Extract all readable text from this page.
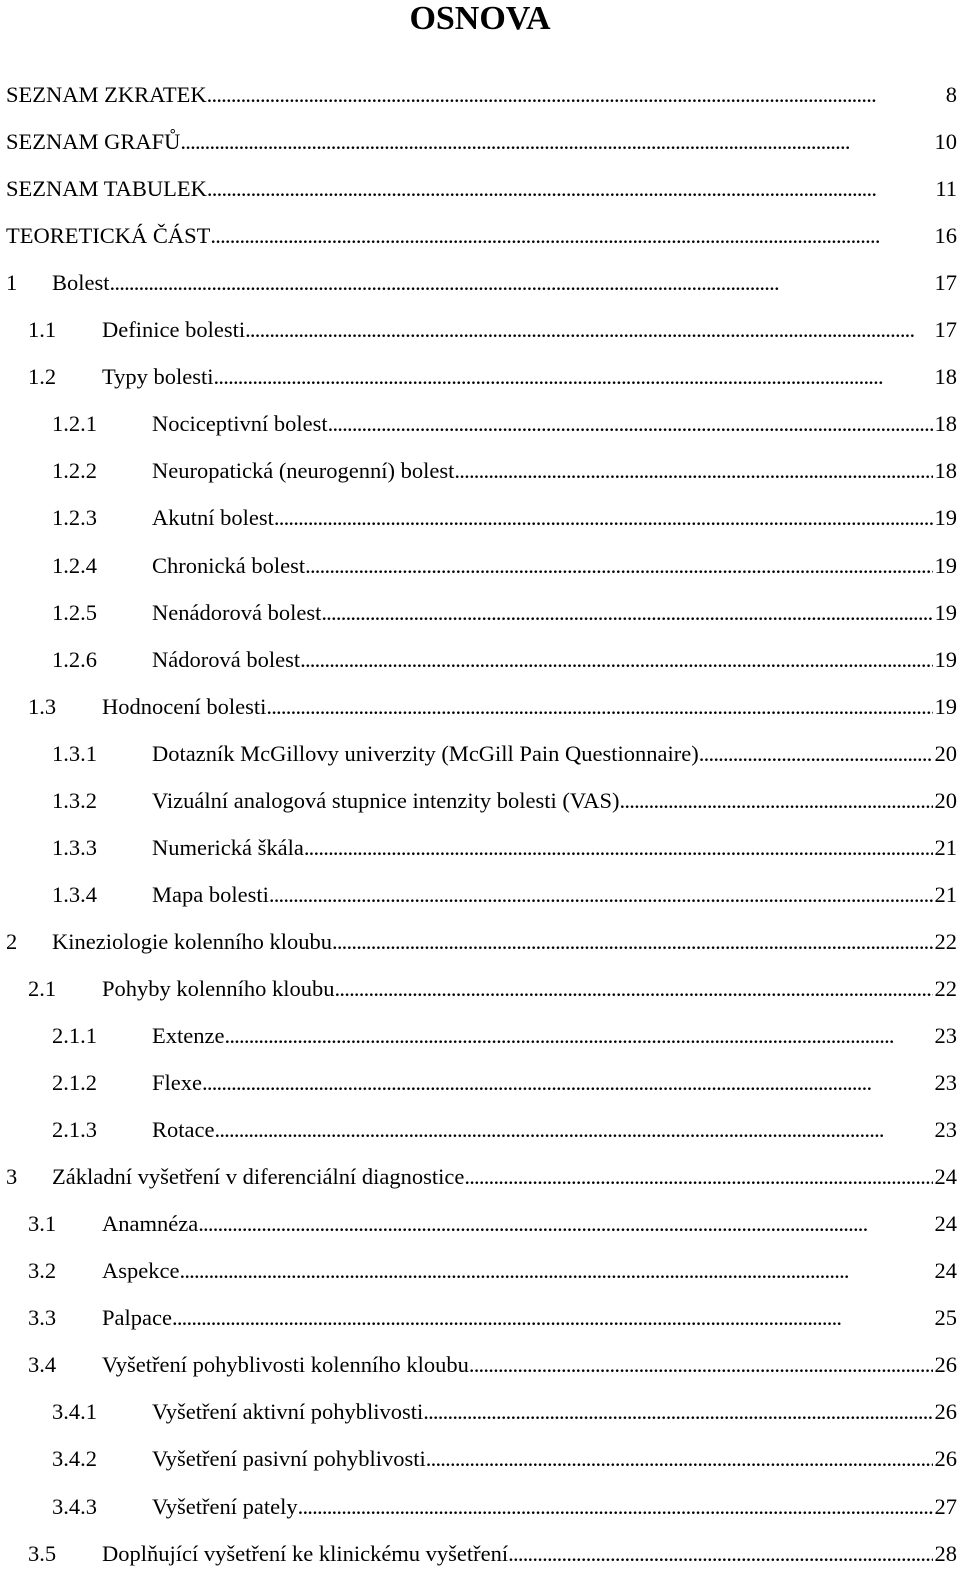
OSNOVA
SEZNAM ZKRATEK . . .	8
SEZNAM GRAFŮ . . .	10
SEZNAM TABULEK . . .	11
TEORETICKÁ ČÁST . . .	16
1	Bolest . . .	17
1.1	Definice bolesti . . .	17
1.2	Typy bolesti . . .	18
1.2.1	Nociceptivní bolest . . .	18
1.2.2	Neuropatická (neurogenní) bolest . . .	18
1.2.3	Akutní bolest . . .	19
1.2.4	Chronická bolest . . .	19
1.2.5	Nenádorová bolest . . .	19
1.2.6	Nádorová bolest . . .	19
1.3	Hodnocení bolesti . . .	19
1.3.1	Dotazník McGillovy univerzity (McGill Pain Questionnaire) . . .	20
1.3.2	Vizuální analogová stupnice intenzity bolesti (VAS) . . .	20
1.3.3	Numerická škála . . .	21
1.3.4	Mapa bolesti . . .	21
2	Kineziologie kolenního kloubu . . .	22
2.1	Pohyby kolenního kloubu . . .	22
2.1.1	Extenze . . .	23
2.1.2	Flexe . . .	23
2.1.3	Rotace . . .	23
3	Základní vyšetření v diferenciální diagnostice . . .	24
3.1	Anamnéza . . .	24
3.2	Aspekce . . .	24
3.3	Palpace . . .	25
3.4	Vyšetření pohyblivosti kolenního kloubu . . .	26
3.4.1	Vyšetření aktivní pohyblivosti . . .	26
3.4.2	Vyšetření pasivní pohyblivosti . . .	26
3.4.3	Vyšetření pately . . .	27
3.5	Doplňující vyšetření ke klinickému vyšetření . . .	28
